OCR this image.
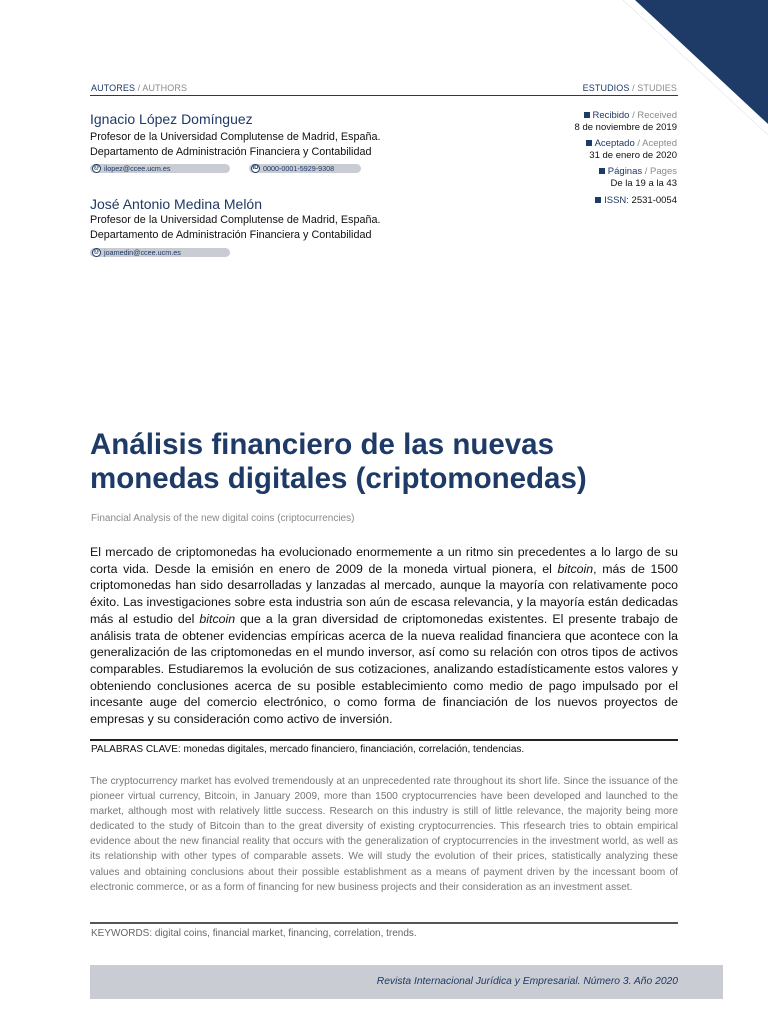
AUTORES / AUTHORS	ESTUDIOS / STUDIES
Ignacio López Domínguez
Profesor de la Universidad Complutense de Madrid, España.
Departamento de Administración Financiera y Contabilidad
@ ilopez@ccee.ucm.es	iD 0000-0001-5929-9308
José Antonio Medina Melón
Profesor de la Universidad Complutense de Madrid, España.
Departamento de Administración Financiera y Contabilidad
@ joamedin@ccee.ucm.es
Recibido / Received
8 de noviembre de 2019
Aceptado / Acepted
31 de enero de 2020
Páginas / Pages
De la 19 a la 43
ISSN: 2531-0054
Análisis financiero de las nuevas monedas digitales (criptomonedas)
Financial Analysis of the new digital coins (criptocurrencies)

El mercado de criptomonedas ha evolucionado enormemente a un ritmo sin precedentes a lo largo de su corta vida. Desde la emisión en enero de 2009 de la moneda virtual pionera, el bitcoin, más de 1500 criptomonedas han sido desarrolladas y lanzadas al mercado, aunque la mayoría con relativamente poco éxito. Las investigaciones sobre esta industria son aún de escasa relevancia, y la mayoría están dedicadas más al estudio del bitcoin que a la gran diversidad de criptomonedas existentes. El presente trabajo de análisis trata de obtener evidencias empíricas acerca de la nueva realidad financiera que acontece con la generalización de las criptomonedas en el mundo inversor, así como su relación con otros tipos de activos comparables. Estudiaremos la evolución de sus cotizaciones, analizando estadísticamente estos valores y obteniendo conclusiones acerca de su posible establecimiento como medio de pago impulsado por el incesante auge del comercio electrónico, o como forma de financiación de los nuevos proyectos de empresas y su consideración como activo de inversión.

PALABRAS CLAVE: monedas digitales, mercado financiero, financiación, correlación, tendencias.

The cryptocurrency market has evolved tremendously at an unprecedented rate throughout its short life. Since the issuance of the pioneer virtual currency, Bitcoin, in January 2009, more than 1500 cryptocurrencies have been developed and launched to the market, although most with relatively little success. Research on this industry is still of little relevance, the majority being more dedicated to the study of Bitcoin than to the great diversity of existing cryptocurrencies. This rfesearch tries to obtain empirical evidence about the new financial reality that occurs with the generalization of cryptocurrencies in the investment world, as well as its relationship with other types of comparable assets. We will study the evolution of their prices, statistically analyzing these values and obtaining conclusions about their possible establishment as a means of payment driven by the incessant boom of electronic commerce, or as a form of financing for new business projects and their consideration as an investment asset.

KEYWORDS: digital coins, financial market, financing, correlation, trends.
Revista Internacional Jurídica y Empresarial. Número 3. Año 2020
